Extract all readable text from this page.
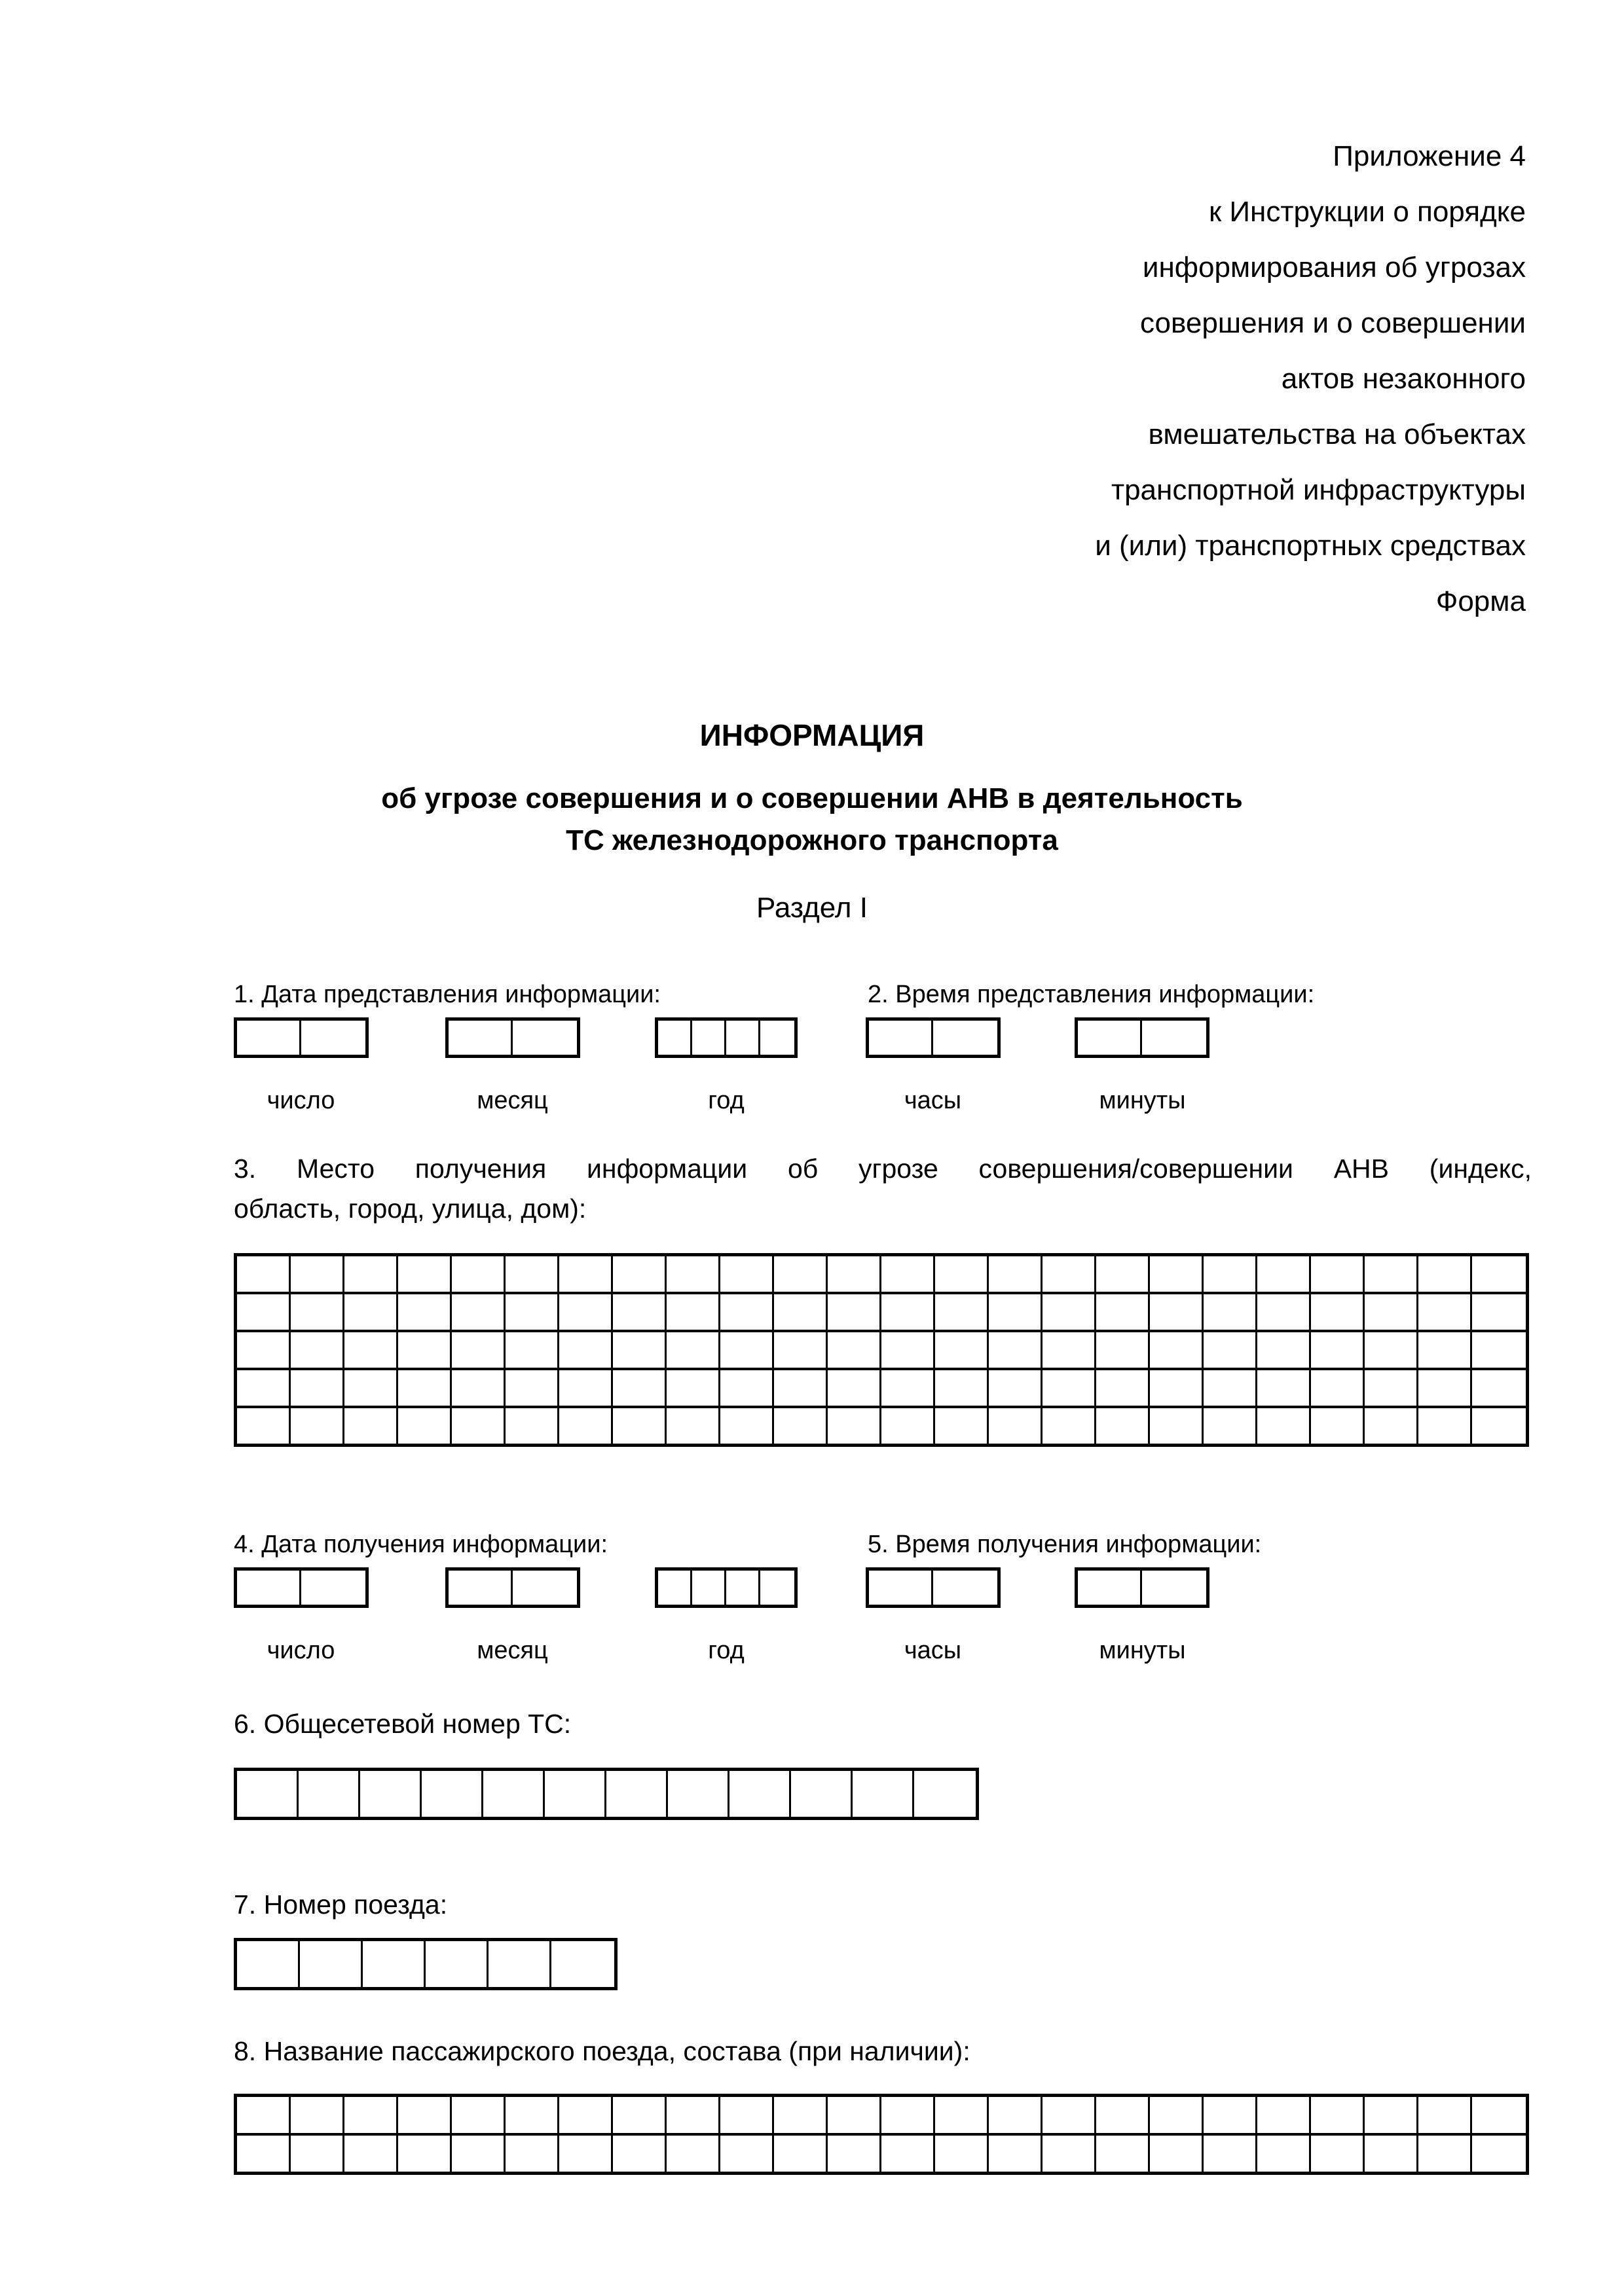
Приложение 4
к Инструкции о порядке
информирования об угрозах
совершения и о совершении
актов незаконного
вмешательства на объектах
транспортной инфраструктуры
и (или) транспортных средствах
Форма
ИНФОРМАЦИЯ
об угрозе совершения и о совершении АНВ в деятельность
ТС железнодорожного транспорта
Раздел I
1. Дата представления информации:	2. Время представления информации:
число	месяц	год	часы	минуты
3. Место получения информации об угрозе совершения/совершении АНВ (индекс,
область, город, улица, дом):
4. Дата получения информации:	5. Время получения информации:
число	месяц	год	часы	минуты
6. Общесетевой номер ТС:
7. Номер поезда:
8. Название пассажирского поезда, состава (при наличии):
